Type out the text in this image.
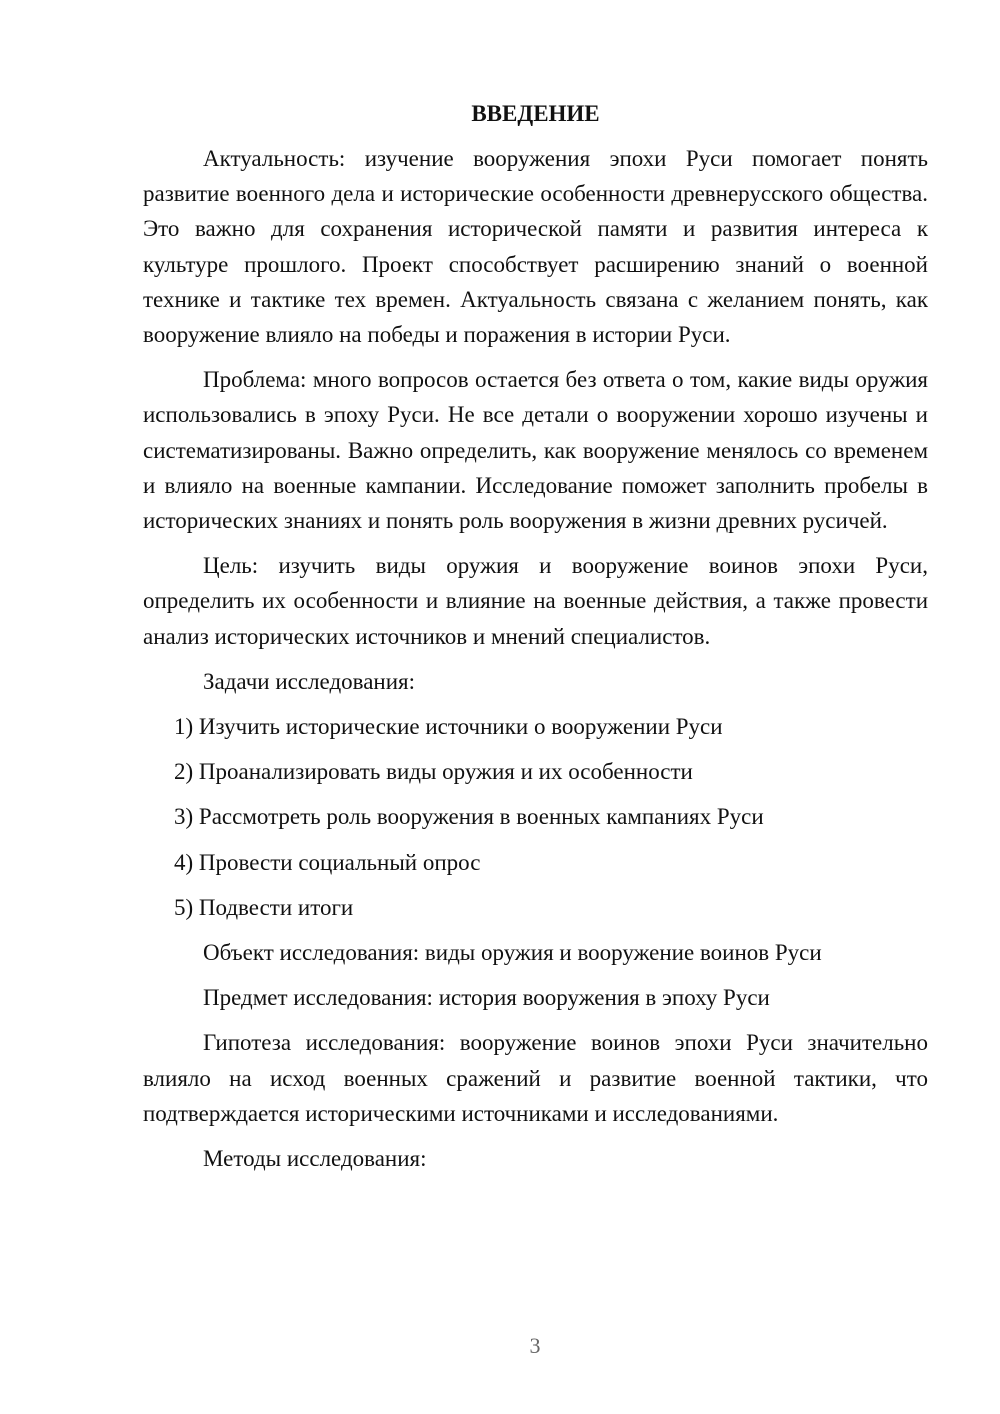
ВВЕДЕНИЕ

Актуальность: изучение вооружения эпохи Руси помогает понять развитие военного дела и исторические особенности древнерусского общества. Это важно для сохранения исторической памяти и развития интереса к культуре прошлого. Проект способствует расширению знаний о военной технике и тактике тех времен. Актуальность связана с желанием понять, как вооружение влияло на победы и поражения в истории Руси.

Проблема: много вопросов остается без ответа о том, какие виды оружия использовались в эпоху Руси. Не все детали о вооружении хорошо изучены и систематизированы. Важно определить, как вооружение менялось со временем и влияло на военные кампании. Исследование поможет заполнить пробелы в исторических знаниях и понять роль вооружения в жизни древних русичей.

Цель: изучить виды оружия и вооружение воинов эпохи Руси, определить их особенности и влияние на военные действия, а также провести анализ исторических источников и мнений специалистов.

Задачи исследования:
1) Изучить исторические источники о вооружении Руси
2) Проанализировать виды оружия и их особенности
3) Рассмотреть роль вооружения в военных кампаниях Руси
4) Провести социальный опрос
5) Подвести итоги
Объект исследования: виды оружия и вооружение воинов Руси
Предмет исследования: история вооружения в эпоху Руси

Гипотеза исследования: вооружение воинов эпохи Руси значительно влияло на исход военных сражений и развитие военной тактики, что подтверждается историческими источниками и исследованиями.

Методы исследования:
3
